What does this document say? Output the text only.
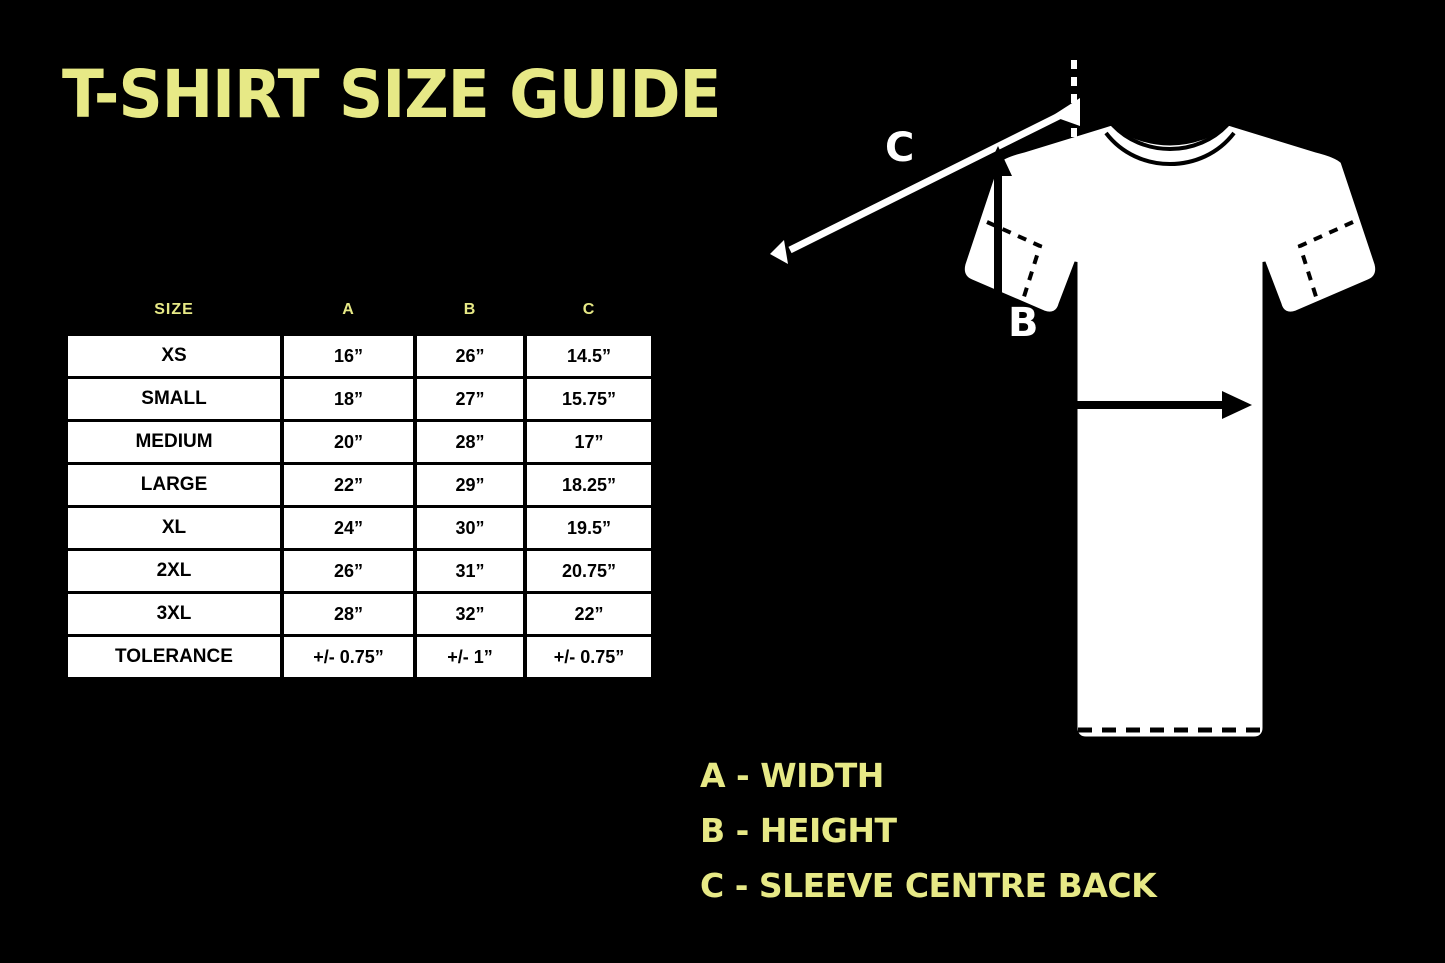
T-SHIRT SIZE GUIDE
SIZE	A	B	C
XS	16”	26”	14.5”
SMALL	18”	27”	15.75”
MEDIUM	20”	28”	17”
LARGE	22”	29”	18.25”
XL	24”	30”	19.5”
2XL	26”	31”	20.75”
3XL	28”	32”	22”
TOLERANCE	+/- 0.75”	+/- 1”	+/- 0.75”
C
B
A
A - WIDTH
B - HEIGHT
C - SLEEVE CENTRE BACK
